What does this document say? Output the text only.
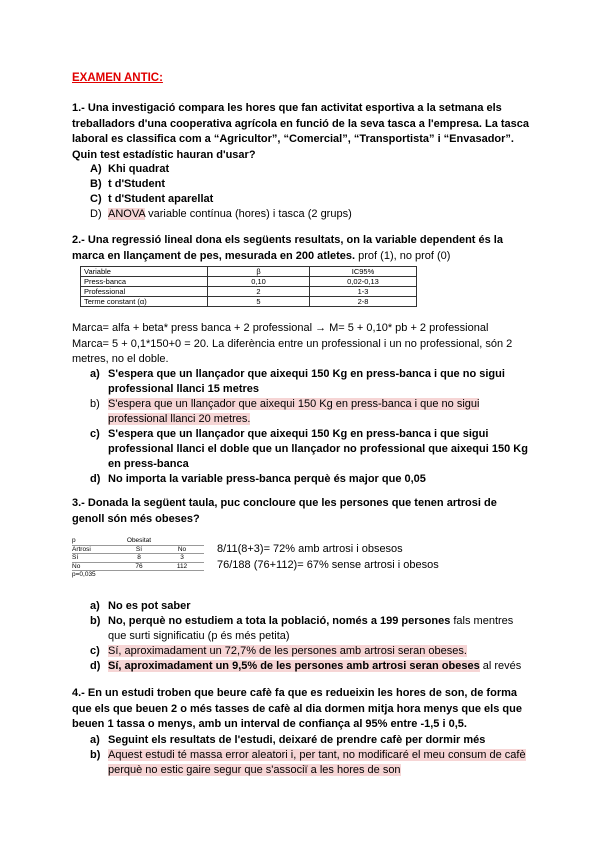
EXAMEN ANTIC:
1.- Una investigació compara les hores que fan activitat esportiva a la setmana els treballadors d'una cooperativa agrícola en funció de la seva tasca a l'empresa. La tasca laboral es classifica com a “Agricultor”, “Comercial”, “Transportista” i “Envasador”. Quin test estadístic hauran d'usar?
A) Khi quadrat
B) t d'Student
C) t d'Student aparellat
D) ANOVA variable contínua (hores) i tasca (2 grups)
2.- Una regressió lineal dona els següents resultats, on la variable dependent és la marca en llançament de pes, mesurada en 200 atletes. prof (1), no prof (0)
Variable	β	IC95%
Press-banca	0,10	0,02-0,13
Professional	2	1-3
Terme constant (α)	5	2-8
Marca= alfa + beta* press banca + 2 professional → M= 5 + 0,10* pb + 2 professional
Marca= 5 + 0,1*150+0 = 20. La diferència entre un professional i un no professional, són 2 metres, no el doble.
a) S'espera que un llançador que aixequi 150 Kg en press-banca i que no sigui professional llanci 15 metres
b) S'espera que un llançador que aixequi 150 Kg en press-banca i que no sigui professional llanci 20 metres.
c) S'espera que un llançador que aixequi 150 Kg en press-banca i que sigui professional llanci el doble que un llançador no professional que aixequi 150 Kg en press-banca
d) No importa la variable press-banca perquè és major que 0,05
3.- Donada la següent taula, puc concloure que les persones que tenen artrosi de genoll són més obeses?
p	Obesitat
Artrosi	Sí	No
Sí	8	3
No	76	112
p=0,035
8/11(8+3)= 72% amb artrosi i obsesos
76/188 (76+112)= 67% sense artrosi i obesos
a) No es pot saber
b) No, perquè no estudiem a tota la població, només a 199 persones fals mentres que surti significatiu (p és més petita)
c) Sí, aproximadament un 72,7% de les persones amb artrosi seran obeses.
d) Sí, aproximadament un 9,5% de les persones amb artrosi seran obeses al revés
4.- En un estudi troben que beure cafè fa que es redueixin les hores de son, de forma que els que beuen 2 o més tasses de cafè al dia dormen mitja hora menys que els que beuen 1 tassa o menys, amb un interval de confiança al 95% entre -1,5 i 0,5.
a) Seguint els resultats de l'estudi, deixaré de prendre cafè per dormir més
b) Aquest estudi té massa error aleatori i, per tant, no modificaré el meu consum de cafè perquè no estic gaire segur que s'associï a les hores de son
